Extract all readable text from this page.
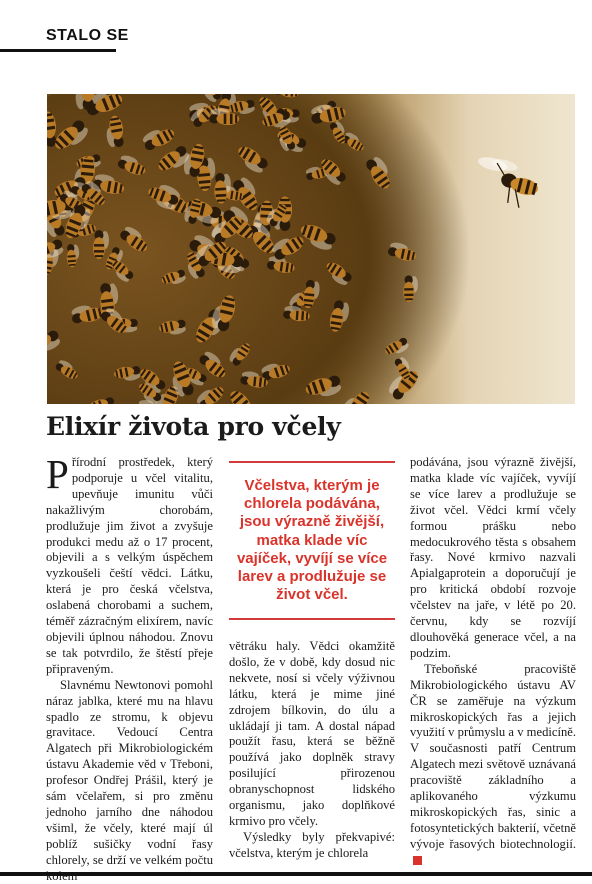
STALO SE
Elixír života pro včely

Přírodní prostředek, který podporuje u včel vitalitu, upevňuje imunitu vůči nakažlivým chorobám, prodlužuje jim život a zvyšuje produkci medu až o 17 procent, objevili a s velkým úspěchem vyzkoušeli čeští vědci. Látku, která je pro česká včelstva, oslabená chorobami a suchem, téměř zázračným elixírem, navíc objevili úplnou náhodou. Znovu se tak potvrdilo, že štěstí přeje připraveným.

Slavnému Newtonovi pomohl náraz jablka, které mu na hlavu spadlo ze stromu, k objevu gravitace. Vedoucí Centra Algatech při Mikrobiologickém ústavu Akademie věd v Třeboni, profesor Ondřej Prášil, který je sám včelařem, si pro změnu jednoho jarního dne náhodou všiml, že včely, které mají úl poblíž sušičky vodní řasy chlorely, se drží ve velkém počtu

Včelstva, kterým je chlorela podávána, jsou výrazně živější, matka klade víc vajíček, vyvíjí se více larev a prodlužuje se život včel.

větráku haly. Vědci okamžitě došlo, že v době, kdy dosud nic nekvete, nosí si včely výživnou látku, která je mime jiné zdrojem bílkovin, do úlu a ukládají ji tam. A dostal nápad použít řasu, která se běžně používá jako doplněk stravy posilující přirozenou obranyschopnost lidského organismu, jako doplňkové krmivo pro včely.

Výsledky byly překvapivé: včelstva, kterým je chlorela

podávána, jsou výrazně živější, matka klade víc vajíček, vyvíjí se více larev a prodlužuje se život včel. Vědci krmí včely formou prášku nebo medocukrového těsta s obsahem řasy. Nové krmivo nazvali Apialgaprotein a doporučují je pro kritická období rozvoje včelstev na jaře, v létě po 20. červnu, kdy se rozvíjí dlouhověká generace včel, a na podzim.

Třeboňské pracoviště Mikrobiologického ústavu AV ČR se zaměřuje na výzkum mikroskopických řas a jejich využití v průmyslu a v medicíně. V současnosti patří Centrum Algatech mezi světově uznávaná pracoviště základního a aplikovaného výzkumu mikroskopických řas, sinic a fotosyntetických bakterií, včetně vývoje řasových biotechnologií.
